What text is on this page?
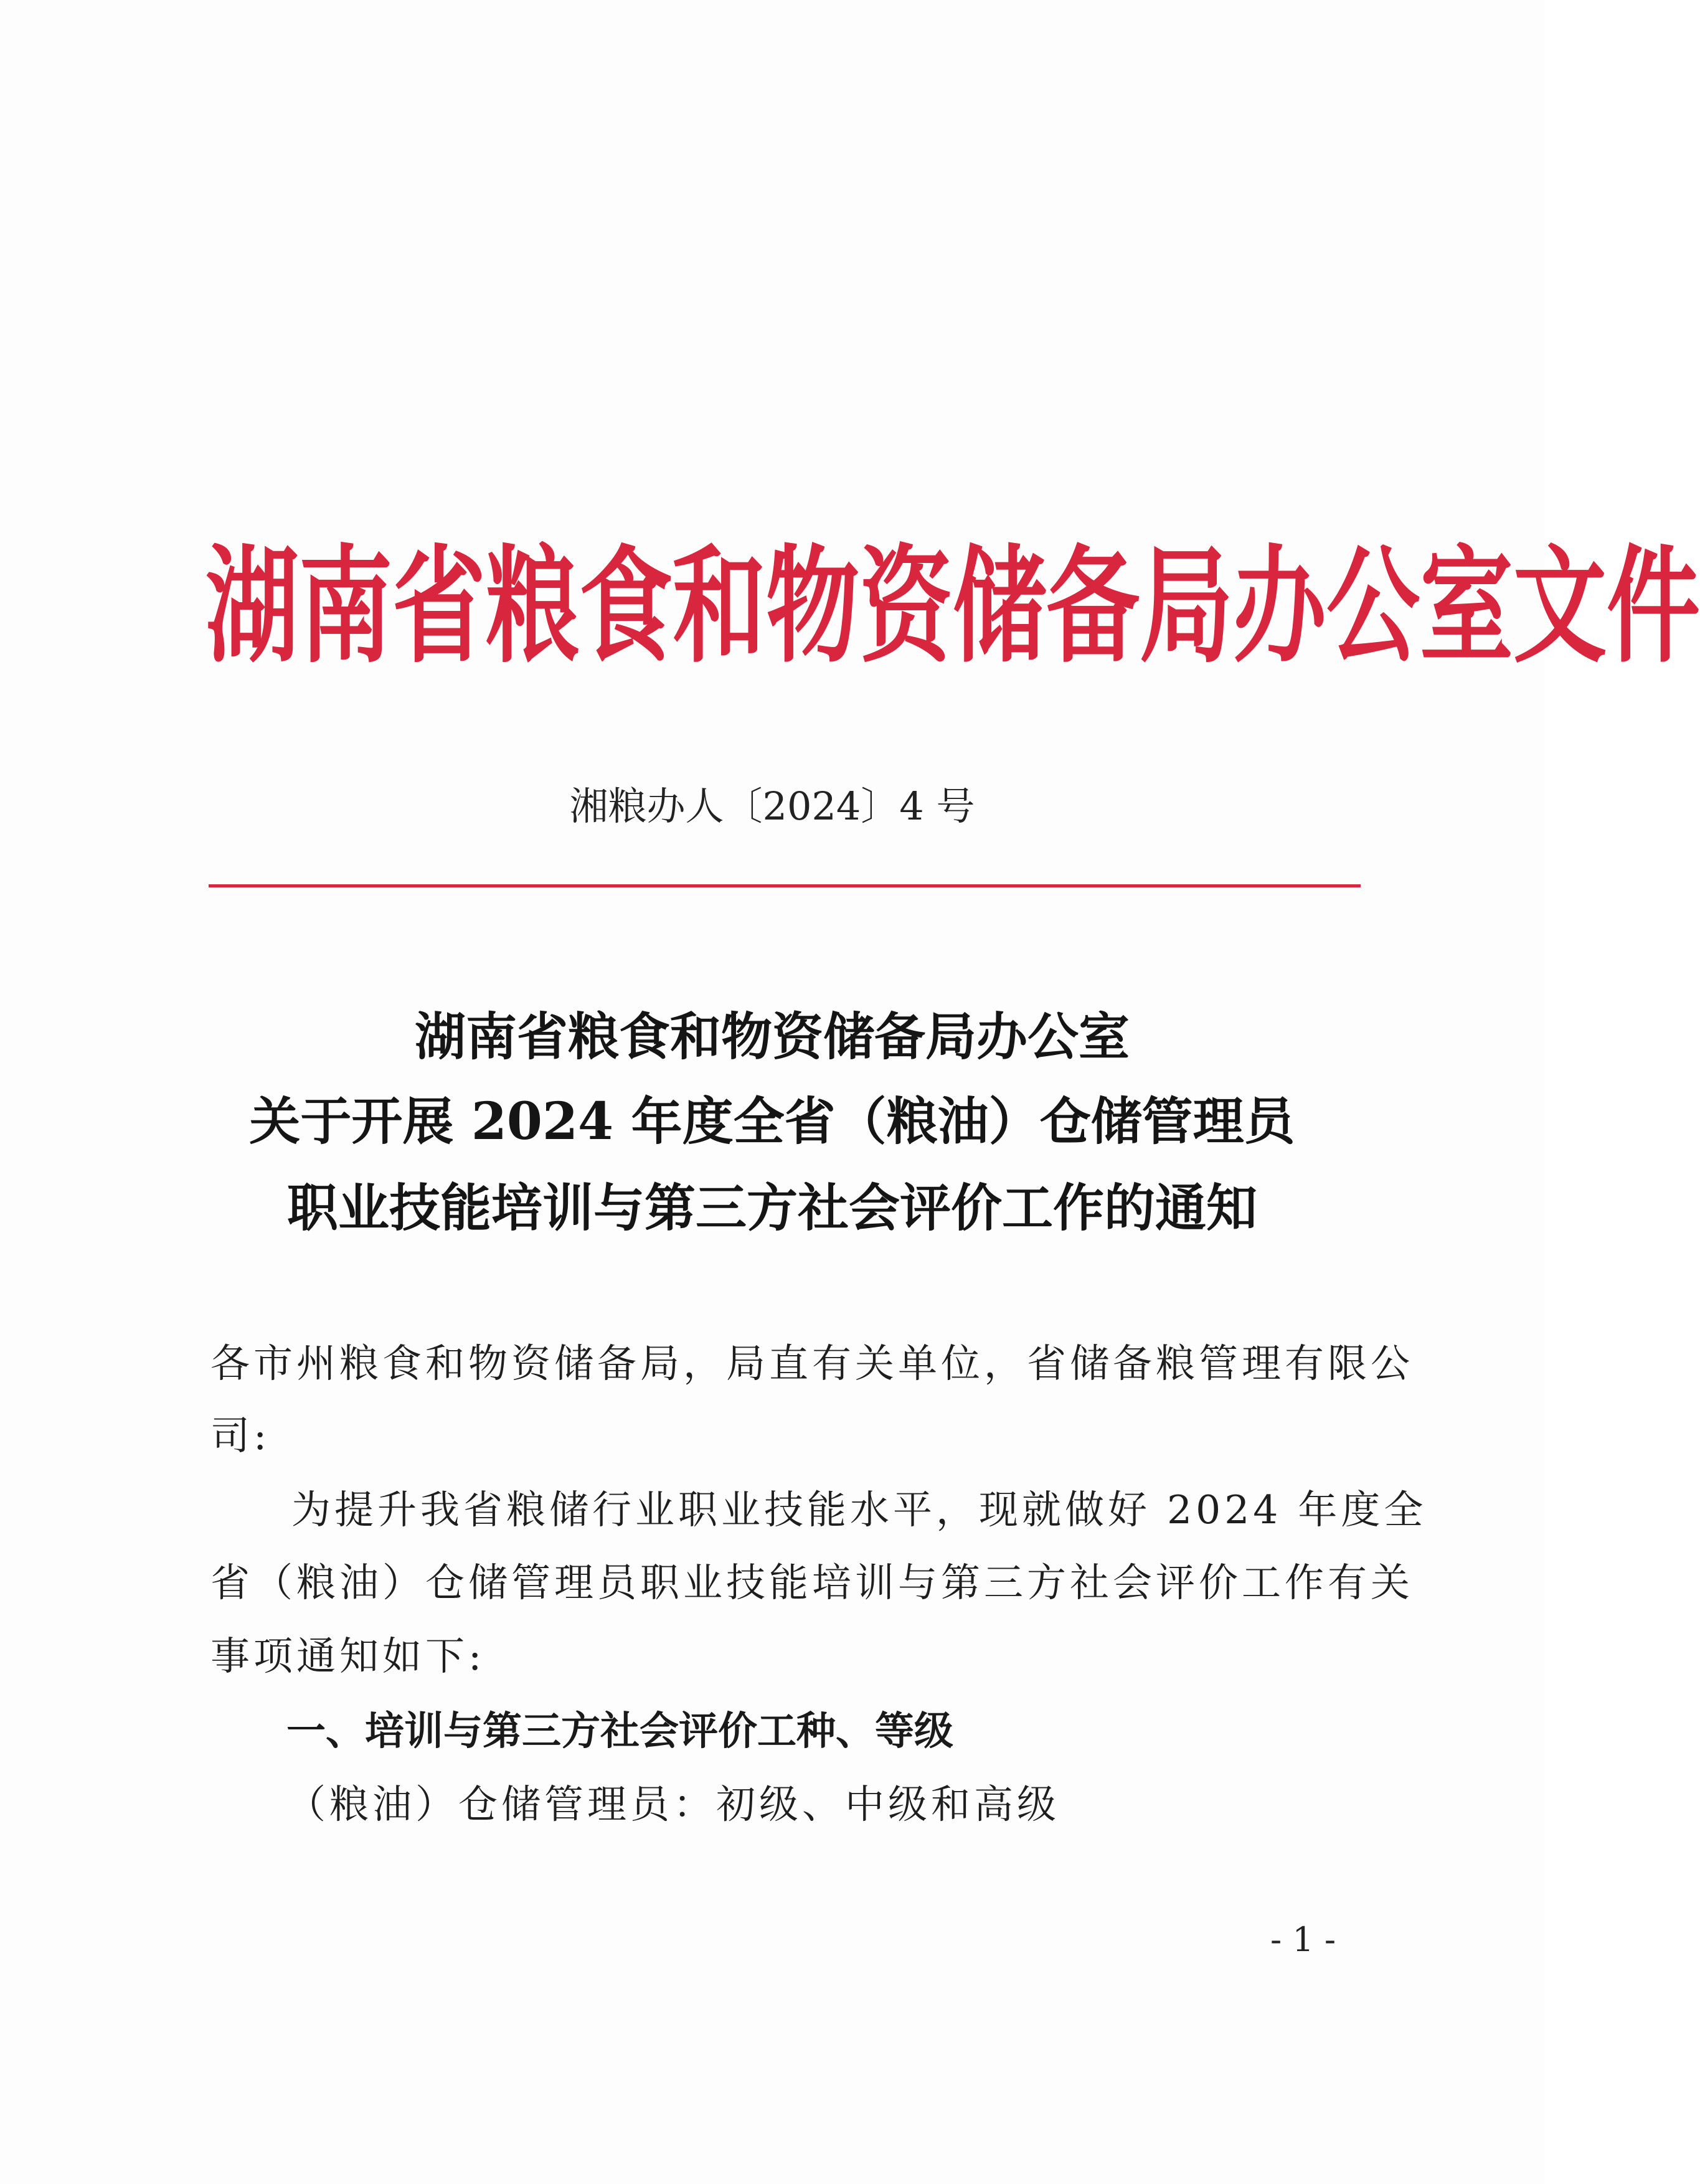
湖南省粮食和物资储备局办公室文件
湘粮办人〔2024〕4 号
湖南省粮食和物资储备局办公室
关于开展 2024 年度全省（粮油）仓储管理员
职业技能培训与第三方社会评价工作的通知
各市州粮食和物资储备局，局直有关单位，省储备粮管理有限公
司:
为提升我省粮储行业职业技能水平，现就做好 2024 年度全
省（粮油）仓储管理员职业技能培训与第三方社会评价工作有关
事项通知如下:
一、培训与第三方社会评价工种、等级
（粮油）仓储管理员：初级、中级和高级
- 1 -
